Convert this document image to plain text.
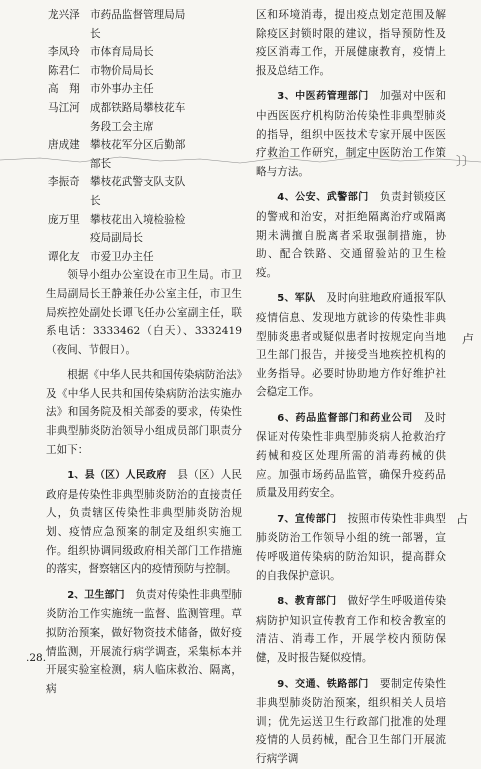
龙兴泽 市药品监督管理局局
长
李凤玲 市体育局局长
陈君仁 市物价局局长
高　翔 市外事办主任
马江河 成都铁路局攀枝花车
务段工会主席
唐成建 攀枝花军分区后勤部
部长
李振奇 攀枝花武警支队支队
长
庞万里 攀枝花出入境检验检
疫局副局长
谭化友 市爱卫办主任

领导小组办公室设在市卫生局。市卫生局副局长王静兼任办公室主任，市卫生局疾控处副处长谭飞任办公室副主任，联系电话：3333462（白天）、3332419（夜间、节假日）。

根据《中华人民共和国传染病防治法》及《中华人民共和国传染病防治法实施办法》和国务院及相关部委的要求，传染性非典型肺炎防治领导小组成员部门职责分工如下：

1、县（区）人民政府　 县（区）人民政府是传染性非典型肺炎防治的直接责任人，负责辖区传染性非典型肺炎防治规划、疫情应急预案的制定及组织实施工作。组织协调同级政府相关部门工作措施的落实，督察辖区内的疫情预防与控制。

2、卫生部门　 负责对传染性非典型肺炎防治工作实施统一监督、监测管理。草拟防治预案，做好物资技术储备，做好疫情监测，开展流行病学调查，采集标本并开展实验室检测，病人临床救治、隔离，病

区和环境消毒，提出疫点划定范围及解除疫区封锁时限的建议，指导预防性及疫区消毒工作，开展健康教育，疫情上报及总结工作。

3、中医药管理部门　 加强对中医和中西医医疗机构防治传染性非典型肺炎的指导，组织中医技术专家开展中医医疗救治工作研究，制定中医防治工作策略与方法。

4、公安、武警部门　 负责封锁疫区的警戒和治安，对拒绝隔离治疗或隔离期未满擅自脱离者采取强制措施，协助、配合铁路、交通留验站的卫生检疫。

5、军队　 及时向驻地政府通报军队疫情信息、发现地方就诊的传染性非典型肺炎患者或疑似患者时按规定向当地卫生部门报告，并接受当地疾控机构的业务指导。必要时协助地方作好维护社会稳定工作。

6、药品监督部门和药业公司　 及时保证对传染性非典型肺炎病人抢救治疗药械和疫区处理所需的消毒药械的供应。加强市场药品监管，确保升疫药品质量及用药安全。

7、宣传部门　 按照市传染性非典型肺炎防治工作领导小组的统一部署，宣传呼吸道传染病的防治知识，提高群众的自我保护意识。

8、教育部门　 做好学生呼吸道传染病防护知识宣传教育工作和校舍教室的清洁、消毒工作，开展学校内预防保健，及时报告疑似疫情。

9、交通、铁路部门　 要制定传染性非典型肺炎防治预案，组织相关人员培训；优先运送卫生行政部门批准的处理疫情的人员药械，配合卫生部门开展流行病学调

〕〕
卢
占
.28.
